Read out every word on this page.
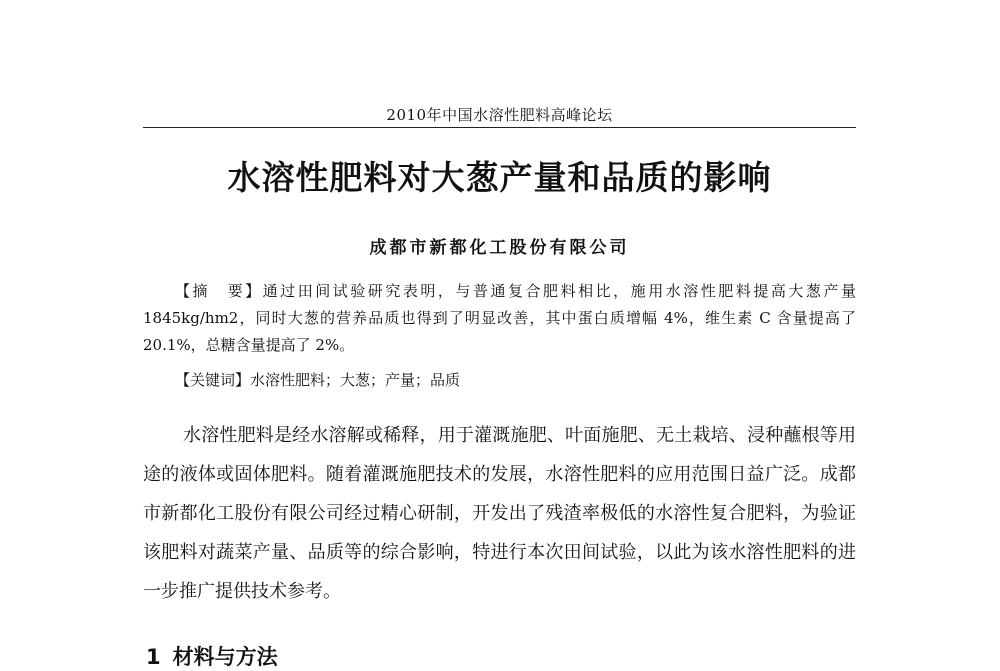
2010年中国水溶性肥料高峰论坛
水溶性肥料对大葱产量和品质的影响
成都市新都化工股份有限公司

【摘　要】通过田间试验研究表明，与普通复合肥料相比，施用水溶性肥料提高大葱产量 1845kg/hm2，同时大葱的营养品质也得到了明显改善，其中蛋白质增幅 4%，维生素 C 含量提高了 20.1%，总糖含量提高了 2%。

【关键词】水溶性肥料；大葱；产量；品质

水溶性肥料是经水溶解或稀释，用于灌溉施肥、叶面施肥、无土栽培、浸种蘸根等用途的液体或固体肥料。随着灌溉施肥技术的发展，水溶性肥料的应用范围日益广泛。成都市新都化工股份有限公司经过精心研制，开发出了残渣率极低的水溶性复合肥料，为验证该肥料对蔬菜产量、品质等的综合影响，特进行本次田间试验，以此为该水溶性肥料的进一步推广提供技术参考。

1 材料与方法
